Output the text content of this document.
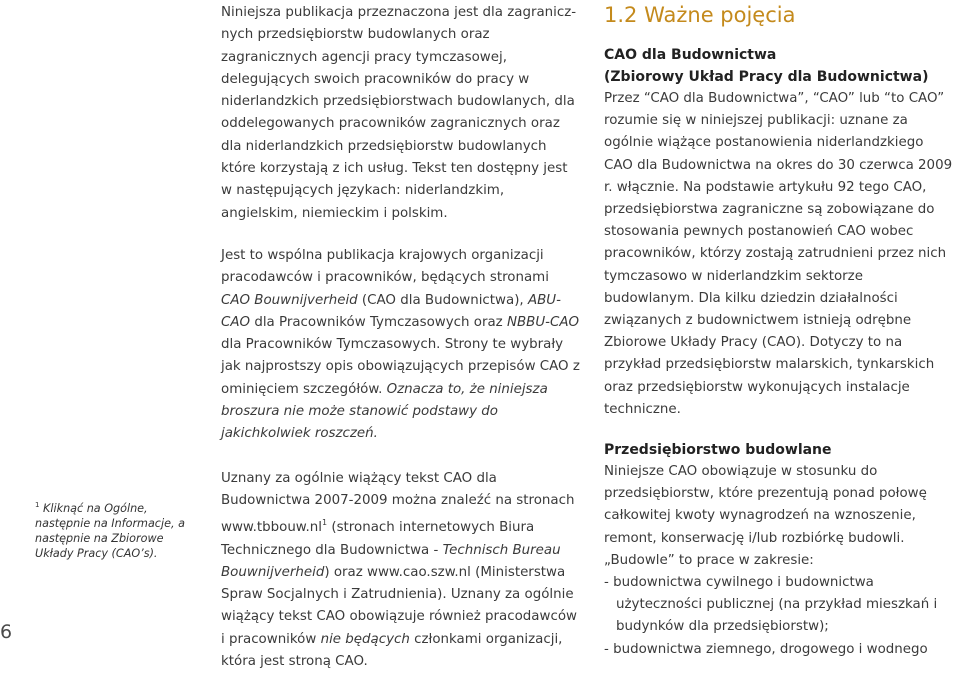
6
$^1$ Kliknąć na Ogólne, następnie na Informacje, a następnie na Zbiorowe Układy Pracy (CAO’s).

Niniejsza publikacja przeznaczona jest dla zagranicznych przedsiębiorstw budowlanych oraz zagranicznych agencji pracy tymczasowej, delegujących swoich pracowników do pracy w niderlandzkich przedsiębiorstwach budowlanych, dla oddelegowanych pracowników zagranicznych oraz dla niderlandzkich przedsiębiorstw budowlanych które korzystają z ich usług. Tekst ten dostępny jest w następujących językach: niderlandzkim, angielskim, niemieckim i polskim.

Jest to wspólna publikacja krajowych organizacji pracodawców i pracowników, będących stronami CAO Bouwnijverheid (CAO dla Budownictwa), ABU-CAO dla Pracowników Tymczasowych oraz NBBU-CAO dla Pracowników Tymczasowych. Strony te wybrały jak najprostszy opis obowiązujących przepisów CAO z ominięciem szczegółów. Oznacza to, że niniejsza broszura nie może stanowić podstawy do jakichkolwiek roszczeń.

Uznany za ogólnie wiążący tekst CAO dla Budownictwa 2007-2009 można znaleźć na stronach $www.tbbouw.nl^1$ (stronach internetowych Biura Technicznego dla Budownictwa - Technisch Bureau Bouwnijverheid) oraz www.cao.szw.nl (Ministerstwa Spraw Socjalnych i Zatrudnienia). Uznany za ogólnie wiążący tekst CAO obowiązuje również pracodawców i pracowników nie będących członkami organizacji, która jest stroną CAO.

1.2 Ważne pojęcia

CAO dla Budownictwa

(Zbiorowy Układ Pracy dla Budownictwa)

Przez “CAO dla Budownictwa”, “CAO” lub “to CAO” rozumie się w niniejszej publikacji: uznane za ogólnie wiążące postanowienia niderlandzkiego CAO dla Budownictwa na okres do 30 czerwca 2009 r. włącznie. Na podstawie artykułu 92 tego CAO, przedsiębiorstwa zagraniczne są zobowiązane do stosowania pewnych postanowień CAO wobec pracowników, którzy zostają zatrudnieni przez nich tymczasowo w niderlandzkim sektorze budowlanym. Dla kilku dziedzin działalności związanych z budownictwem istnieją odrębne Zbiorowe Układy Pracy (CAO). Dotyczy to na przykład przedsiębiorstw malarskich, tynkarskich oraz przedsiębiorstw wykonujących instalacje techniczne.

Przedsiębiorstwo budowlane

Niniejsze CAO obowiązuje w stosunku do przedsiębiorstw, które prezentują ponad połowę całkowitej kwoty wynagrodzeń na wznoszenie, remont, konserwację i/lub rozbiórkę budowli. „Budowle” to prace w zakresie:

- budownictwa cywilnego i budownictwa użyteczności publicznej (na przykład mieszkań i budynków dla przedsiębiorstw);

- budownictwa ziemnego, drogowego i wodnego
